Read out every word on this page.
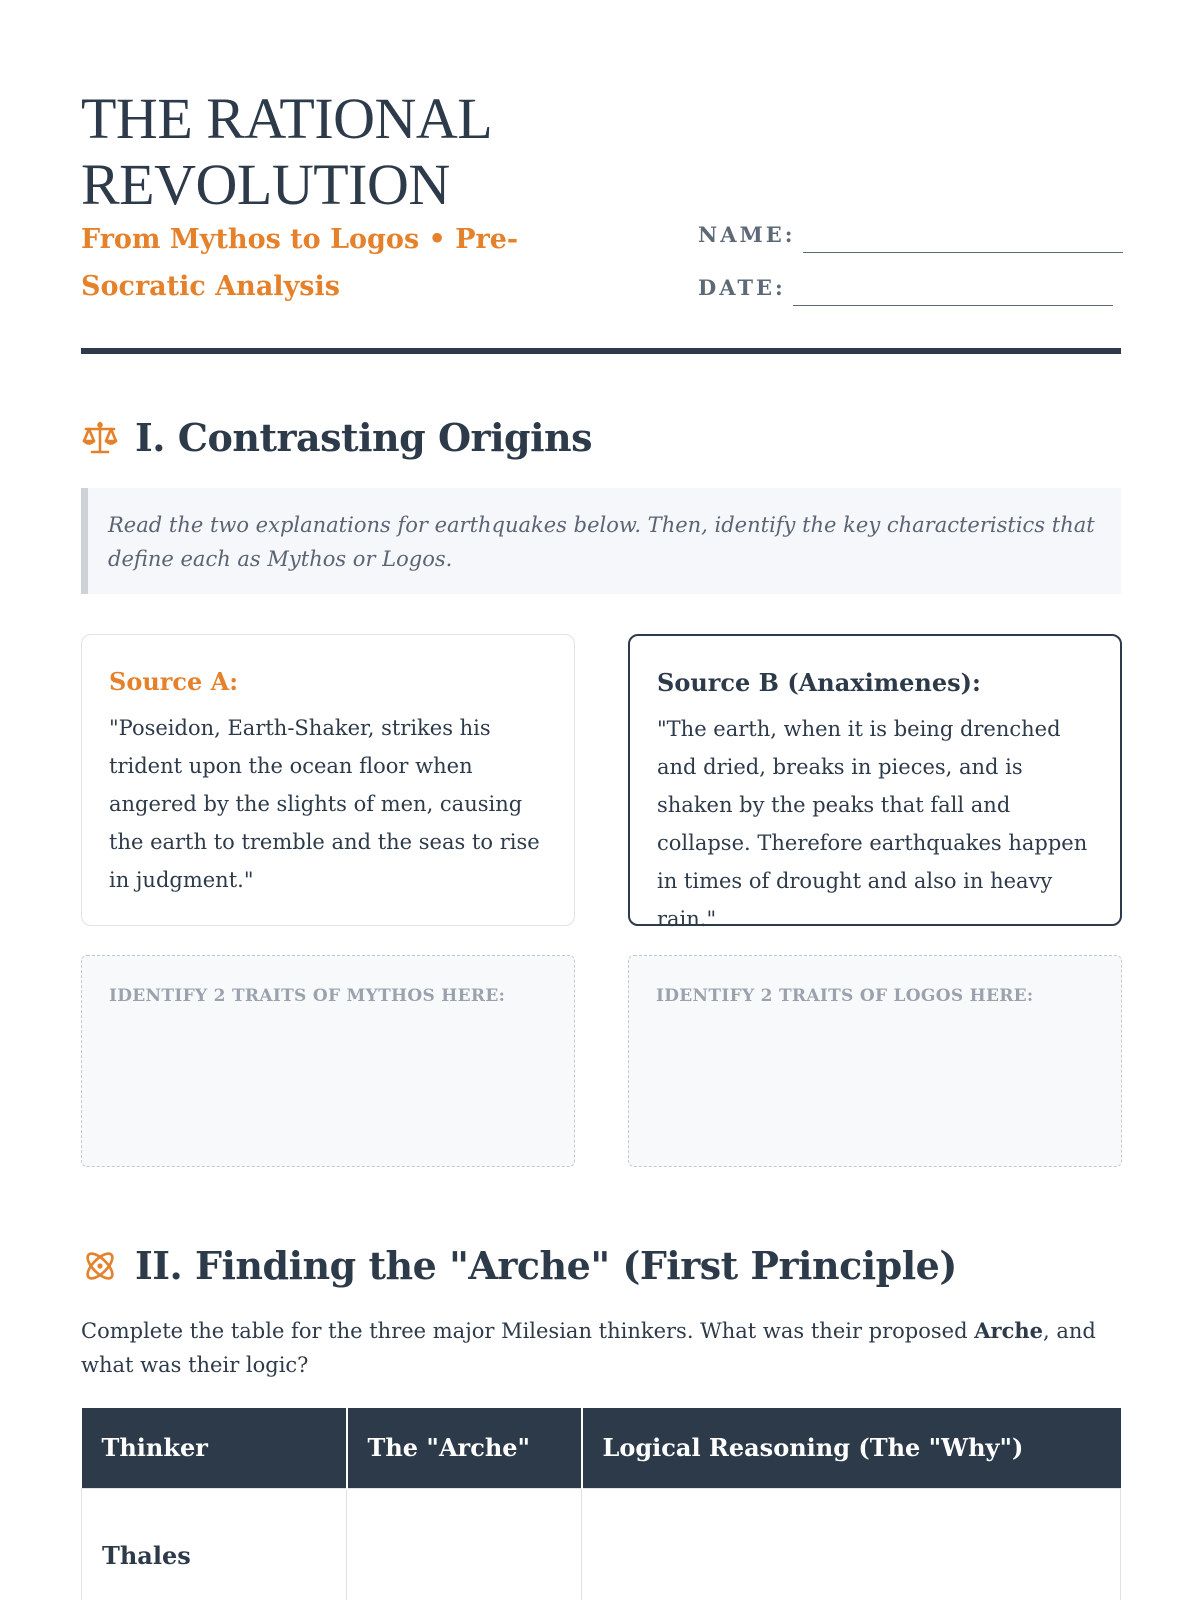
THE RATIONAL
REVOLUTION

From Mythos to Logos • Pre-Socratic Analysis

NAME:
DATE:
I. Contrasting Origins
Read the two explanations for earthquakes below. Then, identify the key characteristics that define each as Mythos or Logos.
Source A:

"Poseidon, Earth-Shaker, strikes his trident upon the ocean floor when angered by the slights of men, causing the earth to tremble and the seas to rise in judgment."

Source B (Anaximenes):

"The earth, when it is being drenched and dried, breaks in pieces, and is shaken by the peaks that fall and collapse. Therefore earthquakes happen in times of drought and also in heavy rain."

IDENTIFY 2 TRAITS OF MYTHOS HERE:	IDENTIFY 2 TRAITS OF LOGOS HERE:
II. Finding the "Arche" (First Principle)

Complete the table for the three major Milesian thinkers. What was their proposed Arche, and what was their logic?

Thinker	The "Arche"	Logical Reasoning (The "Why")
Thales		
